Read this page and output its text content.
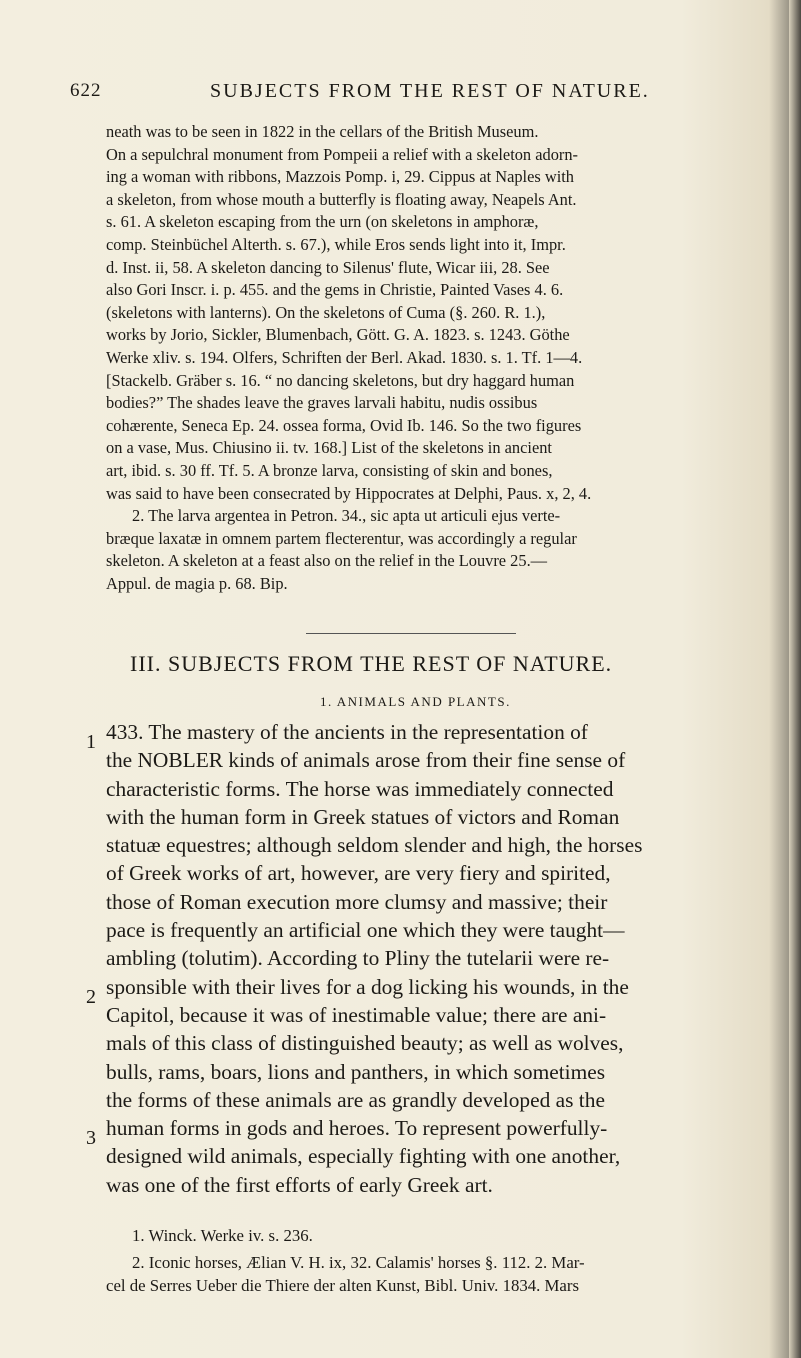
622	SUBJECTS FROM THE REST OF NATURE.
neath was to be seen in 1822 in the cellars of the British Museum.
On a sepulchral monument from Pompeii a relief with a skeleton adorn-
ing a woman with ribbons, Mazzois Pomp. i, 29. Cippus at Naples with
a skeleton, from whose mouth a butterfly is floating away, Neapels Ant.
s. 61. A skeleton escaping from the urn (on skeletons in amphoræ,
comp. Steinbüchel Alterth. s. 67.), while Eros sends light into it, Impr.
d. Inst. ii, 58. A skeleton dancing to Silenus' flute, Wicar iii, 28. See
also Gori Inscr. i. p. 455. and the gems in Christie, Painted Vases 4. 6.
(skeletons with lanterns). On the skeletons of Cuma (§. 260. R. 1.),
works by Jorio, Sickler, Blumenbach, Gött. G. A. 1823. s. 1243. Göthe
Werke xliv. s. 194. Olfers, Schriften der Berl. Akad. 1830. s. 1. Tf. 1—4.
[Stackelb. Gräber s. 16. “ no dancing skeletons, but dry haggard human
bodies?” The shades leave the graves larvali habitu, nudis ossibus
cohærente, Seneca Ep. 24. ossea forma, Ovid Ib. 146. So the two figures
on a vase, Mus. Chiusino ii. tv. 168.] List of the skeletons in ancient
art, ibid. s. 30 ff. Tf. 5. A bronze larva, consisting of skin and bones,
was said to have been consecrated by Hippocrates at Delphi, Paus. x, 2, 4.
2. The larva argentea in Petron. 34., sic apta ut articuli ejus verte-
bræque laxatæ in omnem partem flecterentur, was accordingly a regular
skeleton. A skeleton at a feast also on the relief in the Louvre 25.—
Appul. de magia p. 68. Bip.
III. SUBJECTS FROM THE REST OF NATURE.
1. ANIMALS AND PLANTS.
1
2
3
433. The mastery of the ancients in the representation of
the NOBLER kinds of animals arose from their fine sense of
characteristic forms. The horse was immediately connected
with the human form in Greek statues of victors and Roman
statuæ equestres; although seldom slender and high, the horses
of Greek works of art, however, are very fiery and spirited,
those of Roman execution more clumsy and massive; their
pace is frequently an artificial one which they were taught—
ambling (tolutim). According to Pliny the tutelarii were re-
sponsible with their lives for a dog licking his wounds, in the
Capitol, because it was of inestimable value; there are ani-
mals of this class of distinguished beauty; as well as wolves,
bulls, rams, boars, lions and panthers, in which sometimes
the forms of these animals are as grandly developed as the
human forms in gods and heroes. To represent powerfully-
designed wild animals, especially fighting with one another,
was one of the first efforts of early Greek art.
1. Winck. Werke iv. s. 236.
2. Iconic horses, Ælian V. H. ix, 32. Calamis' horses §. 112. 2. Mar-
cel de Serres Ueber die Thiere der alten Kunst, Bibl. Univ. 1834. Mars
